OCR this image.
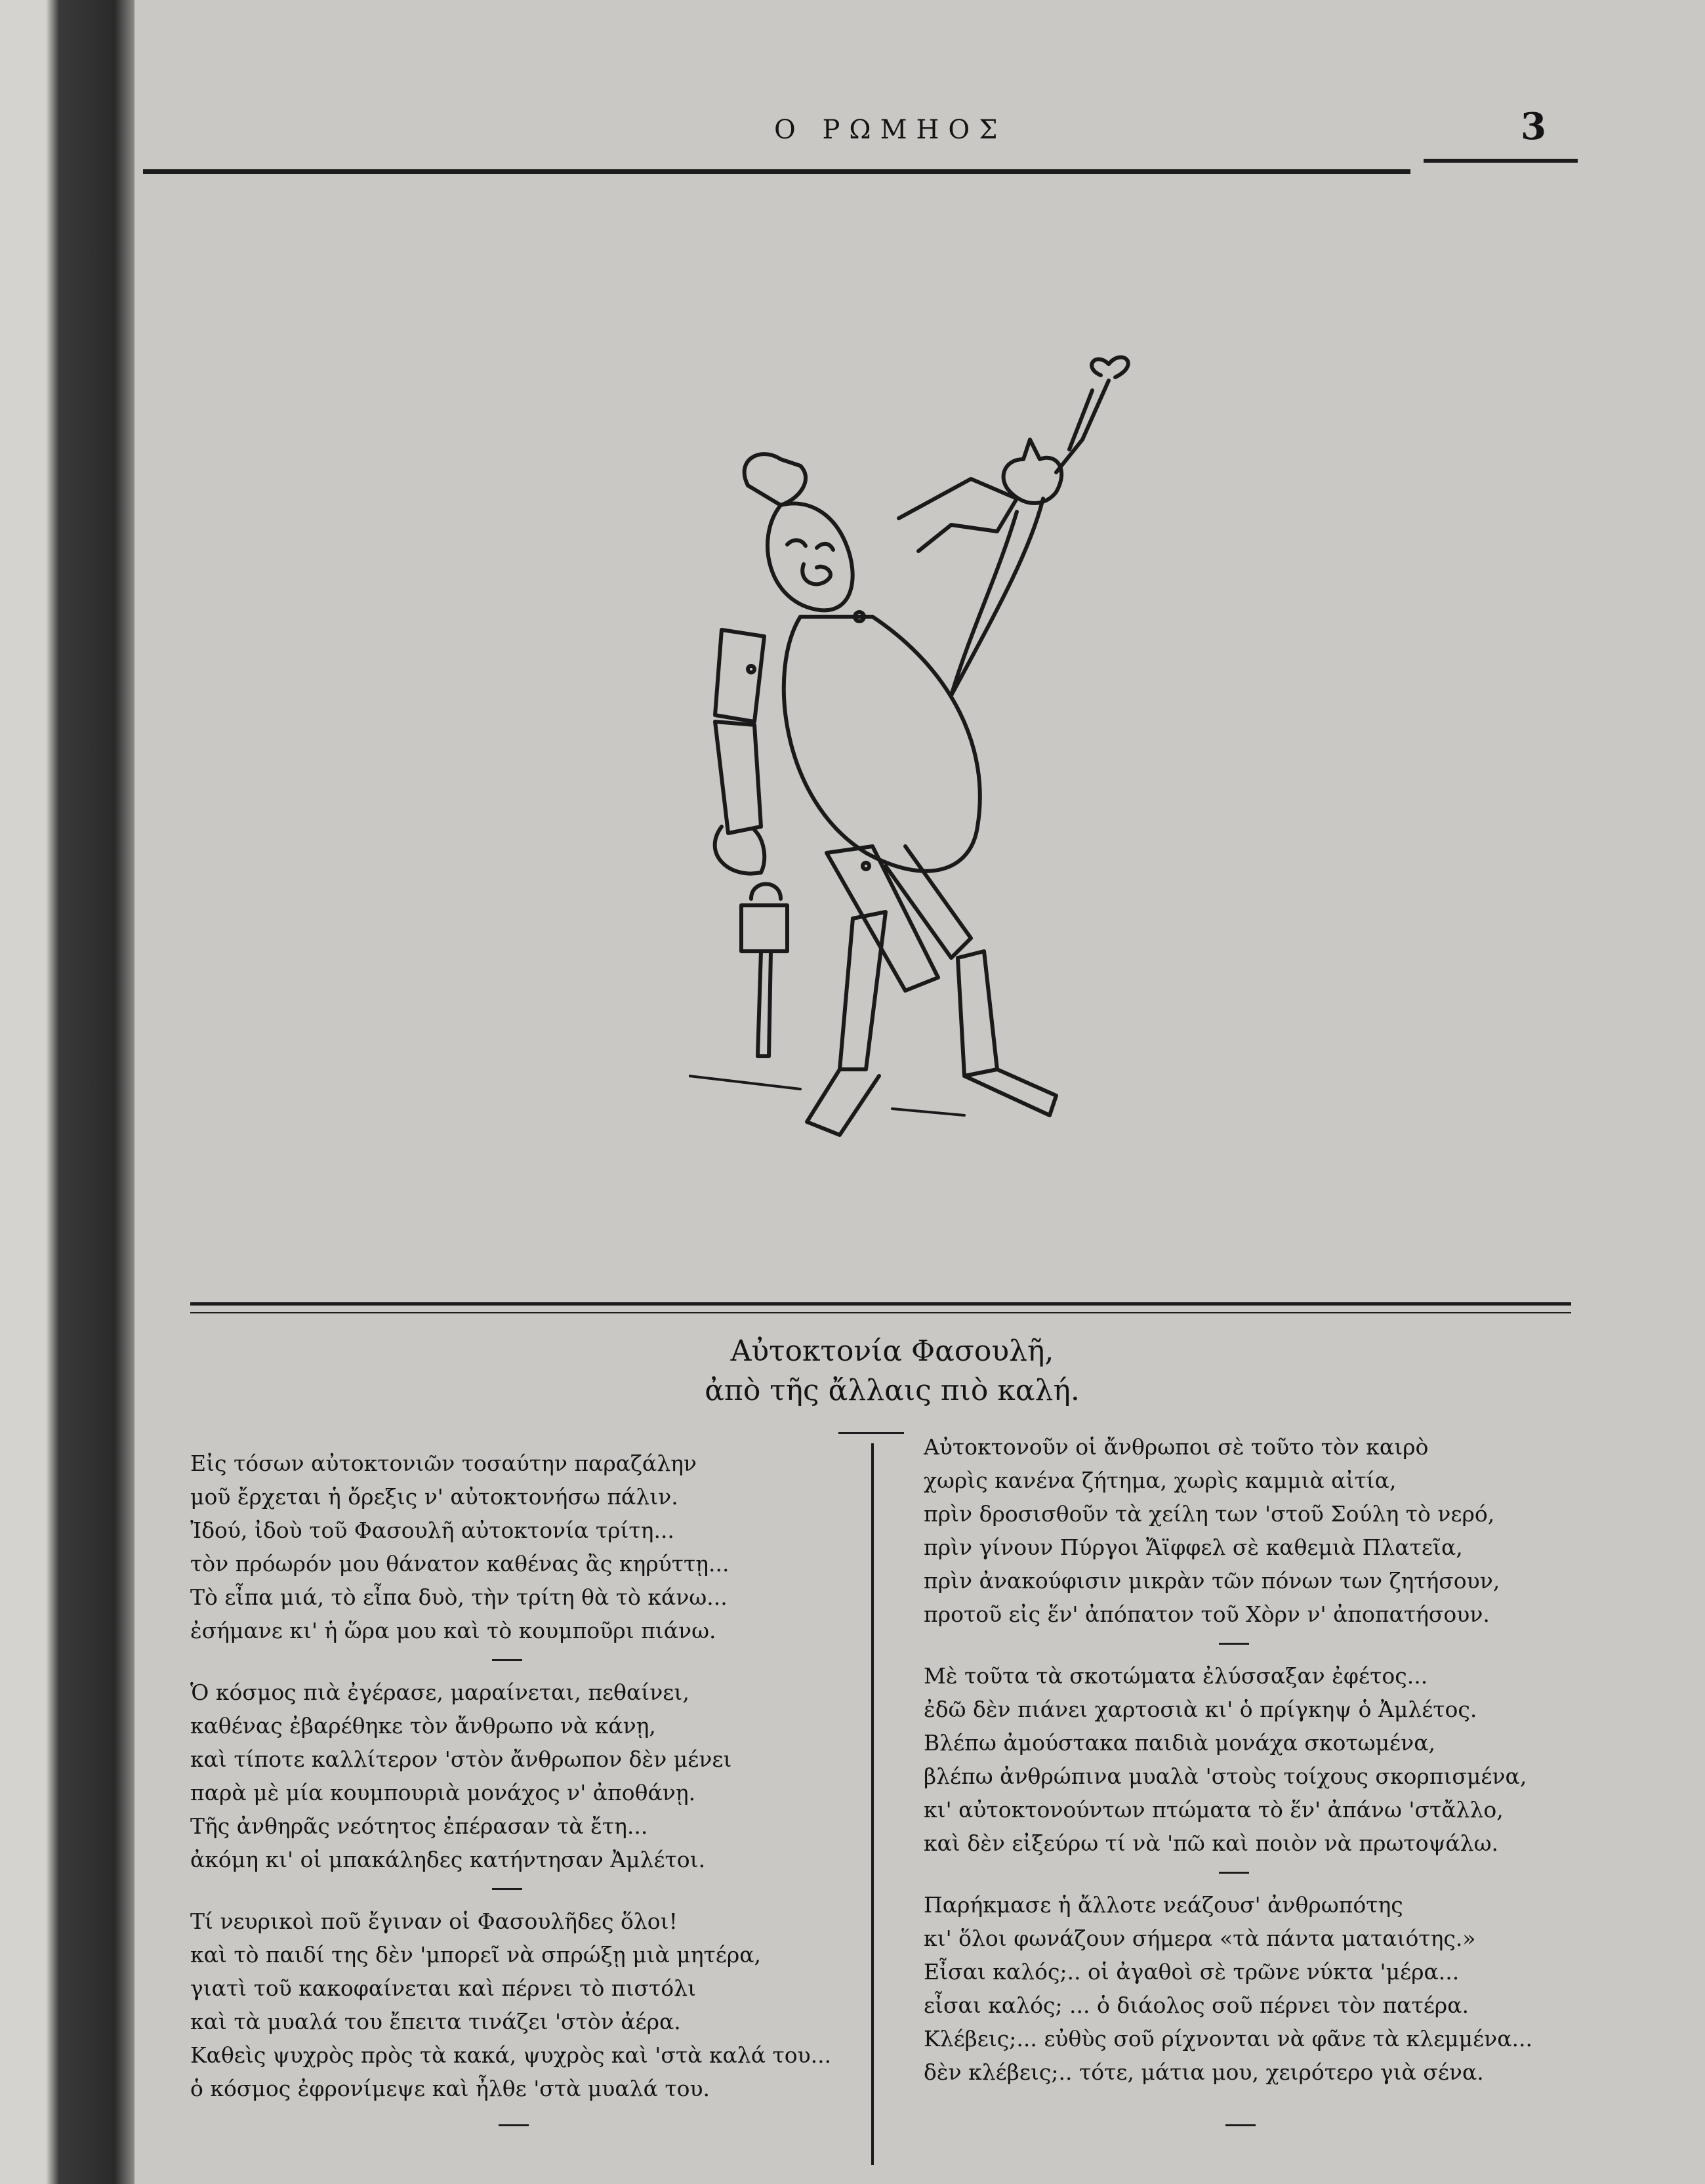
Ο ΡΩΜΗΟΣ	3
Αὐτοκτονία Φασουλῆ,
ἀπὸ τῆς ἄλλαις πιὸ καλή.
Εἰς τόσων αὐτοκτονιῶν τοσαύτην παραζάλην
μοῦ ἔρχεται ἡ ὄρεξις ν' αὐτοκτονήσω πάλιν.
Ἰδού, ἰδοὺ τοῦ Φασουλῆ αὐτοκτονία τρίτη...
τὸν πρόωρόν μου θάνατον καθένας ἂς κηρύττῃ...
Τὸ εἶπα μιά, τὸ εἶπα δυὸ, τὴν τρίτη θὰ τὸ κάνω...
ἐσήμανε κι' ἡ ὥρα μου καὶ τὸ κουμποῦρι πιάνω.
Ὁ κόσμος πιὰ ἐγέρασε, μαραίνεται, πεθαίνει,
καθένας ἐβαρέθηκε τὸν ἄνθρωπο νὰ κάνῃ,
καὶ τίποτε καλλίτερον 'στὸν ἄνθρωπον δὲν μένει
παρὰ μὲ μία κουμπουριὰ μονάχος ν' ἀποθάνῃ.
Τῆς ἀνθηρᾶς νεότητος ἐπέρασαν τὰ ἔτη...
ἀκόμη κι' οἱ μπακάληδες κατήντησαν Ἀμλέτοι.
Τί νευρικοὶ ποῦ ἔγιναν οἱ Φασουλῆδες ὅλοι!
καὶ τὸ παιδί της δὲν 'μπορεῖ νὰ σπρώξῃ μιὰ μητέρα,
γιατὶ τοῦ κακοφαίνεται καὶ πέρνει τὸ πιστόλι
καὶ τὰ μυαλά του ἔπειτα τινάζει 'στὸν ἀέρα.
Καθεὶς ψυχρὸς πρὸς τὰ κακά, ψυχρὸς καὶ 'στὰ καλά του...
ὁ κόσμος ἐφρονίμεψε καὶ ἦλθε 'στὰ μυαλά του.
Αὐτοκτονοῦν οἱ ἄνθρωποι σὲ τοῦτο τὸν καιρὸ
χωρὶς κανένα ζήτημα, χωρὶς καμμιὰ αἰτία,
πρὶν δροσισθοῦν τὰ χείλη των 'στοῦ Σούλη τὸ νερό,
πρὶν γίνουν Πύργοι Ἄϊφφελ σὲ καθεμιὰ Πλατεῖα,
πρὶν ἀνακούφισιν μικρὰν τῶν πόνων των ζητήσουν,
προτοῦ εἰς ἕν' ἀπόπατον τοῦ Χὸρν ν' ἀποπατήσουν.
Μὲ τοῦτα τὰ σκοτώματα ἐλύσσαξαν ἐφέτος...
ἐδῶ δὲν πιάνει χαρτοσιὰ κι' ὁ πρίγκηψ ὁ Ἀμλέτος.
Βλέπω ἀμούστακα παιδιὰ μονάχα σκοτωμένα,
βλέπω ἀνθρώπινα μυαλὰ 'στοὺς τοίχους σκορπισμένα,
κι' αὐτοκτονούντων πτώματα τὸ ἕν' ἀπάνω 'στἄλλο,
καὶ δὲν εἰξεύρω τί νὰ 'πῶ καὶ ποιὸν νὰ πρωτοψάλω.
Παρήκμασε ἡ ἄλλοτε νεάζουσ' ἀνθρωπότης
κι' ὅλοι φωνάζουν σήμερα «τὰ πάντα ματαιότης.»
Εἶσαι καλός;.. οἱ ἀγαθοὶ σὲ τρῶνε νύκτα 'μέρα...
εἶσαι καλός; ... ὁ διάολος σοῦ πέρνει τὸν πατέρα.
Κλέβεις;... εὐθὺς σοῦ ρίχνονται νὰ φᾶνε τὰ κλεμμένα...
δὲν κλέβεις;.. τότε, μάτια μου, χειρότερο γιὰ σένα.
